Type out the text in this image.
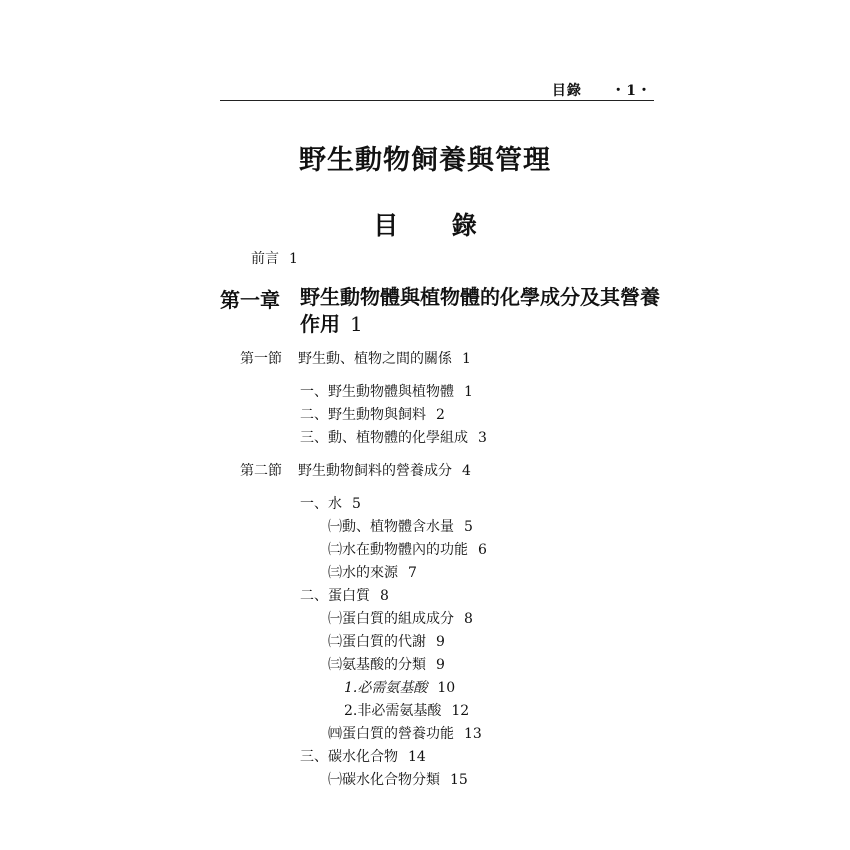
目錄 ・1・
野生動物飼養與管理
目 錄
前言 1
第一章 野生動物體與植物體的化學成分及其營養作用 1
第一節 野生動、植物之間的關係 1
一、野生動物體與植物體 1
二、野生動物與飼料 2
三、動、植物體的化學組成 3
第二節 野生動物飼料的營養成分 4
一、水 5
㈠動、植物體含水量 5
㈡水在動物體內的功能 6
㈢水的來源 7
二、蛋白質 8
㈠蛋白質的組成成分 8
㈡蛋白質的代謝 9
㈢氨基酸的分類 9
1.必需氨基酸 10
2.非必需氨基酸 12
㈣蛋白質的營養功能 13
三、碳水化合物 14
㈠碳水化合物分類 15
